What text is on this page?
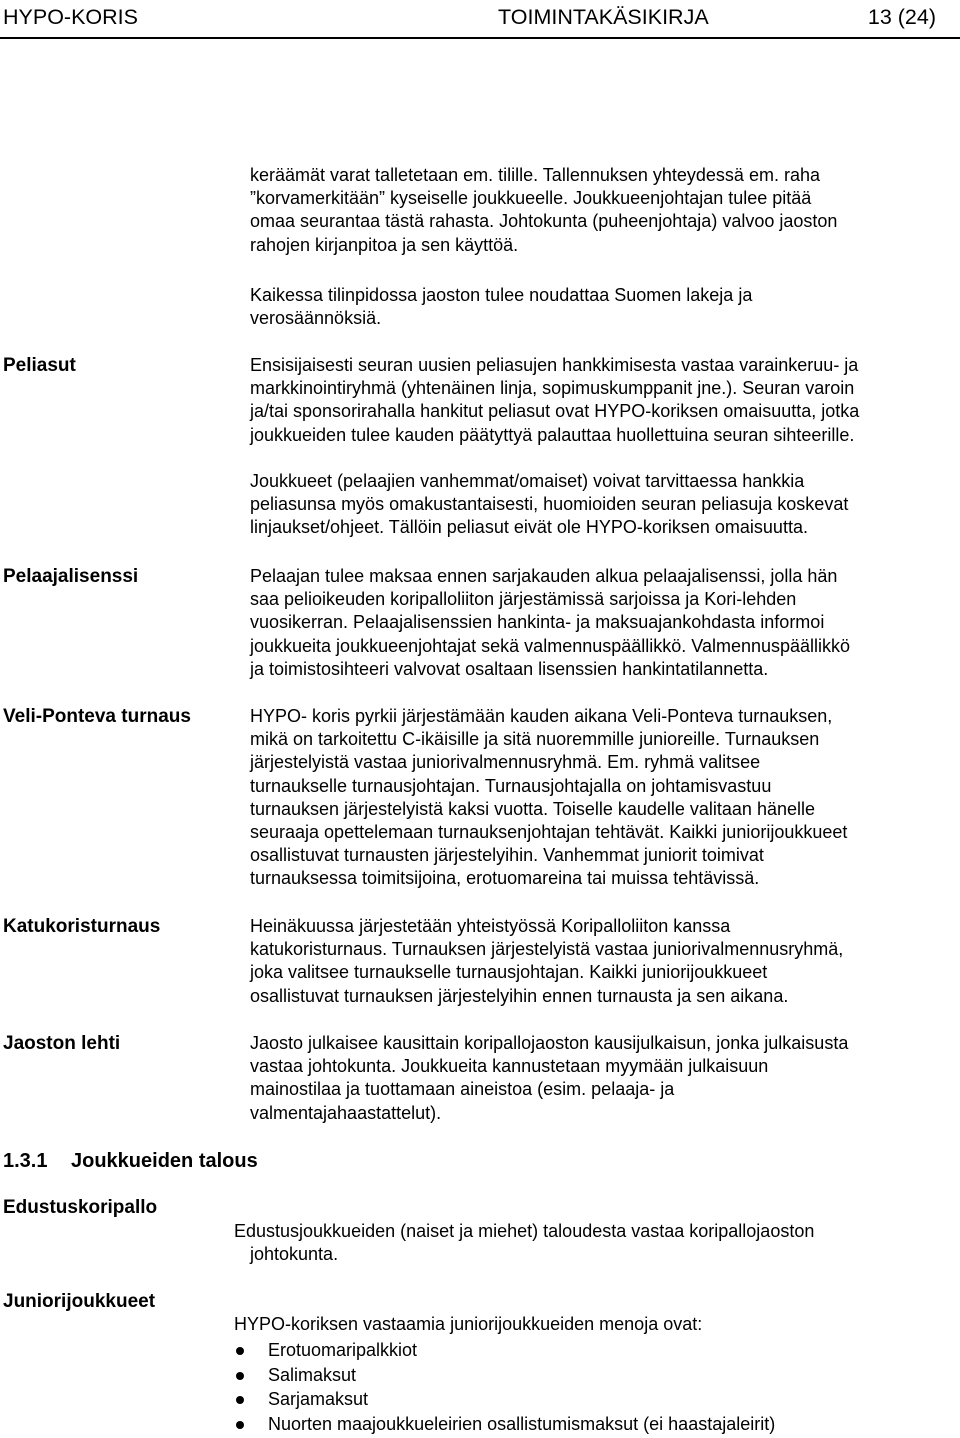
HYPO-KORIS	TOIMINTAKÄSIKIRJA	13 (24)
keräämät varat talletetaan em. tilille. Tallennuksen yhteydessä em. raha
”korvamerkitään” kyseiselle joukkueelle. Joukkueenjohtajan tulee pitää
omaa seurantaa tästä rahasta. Johtokunta (puheenjohtaja) valvoo jaoston
rahojen kirjanpitoa ja sen käyttöä.
Kaikessa tilinpidossa jaoston tulee noudattaa Suomen lakeja ja
verosäännöksiä.
Peliasut	Ensisijaisesti seuran uusien peliasujen hankkimisesta vastaa varainkeruu- ja
markkinointiryhmä (yhtenäinen linja, sopimuskumppanit jne.). Seuran varoin
ja/tai sponsorirahalla hankitut peliasut ovat HYPO-koriksen omaisuutta, jotka
joukkueiden tulee kauden päätyttyä palauttaa huollettuina seuran sihteerille.
Joukkueet (pelaajien vanhemmat/omaiset) voivat tarvittaessa hankkia
peliasunsa myös omakustantaisesti, huomioiden seuran peliasuja koskevat
linjaukset/ohjeet. Tällöin peliasut eivät ole HYPO-koriksen omaisuutta.
Pelaajalisenssi	Pelaajan tulee maksaa ennen sarjakauden alkua pelaajalisenssi, jolla hän
saa pelioikeuden koripalloliiton järjestämissä sarjoissa ja Kori-lehden
vuosikerran. Pelaajalisenssien hankinta- ja maksuajankohdasta informoi
joukkueita joukkueenjohtajat sekä valmennuspäällikkö. Valmennuspäällikkö
ja toimistosihteeri valvovat osaltaan lisenssien hankintatilannetta.
Veli-Ponteva turnaus	HYPO- koris pyrkii järjestämään kauden aikana Veli-Ponteva turnauksen,
mikä on tarkoitettu C-ikäisille ja sitä nuoremmille junioreille. Turnauksen
järjestelyistä vastaa juniorivalmennusryhmä. Em. ryhmä valitsee
turnaukselle turnausjohtajan. Turnausjohtajalla on johtamisvastuu
turnauksen järjestelyistä kaksi vuotta. Toiselle kaudelle valitaan hänelle
seuraaja opettelemaan turnauksenjohtajan tehtävät. Kaikki juniorijoukkueet
osallistuvat turnausten järjestelyihin. Vanhemmat juniorit toimivat
turnauksessa toimitsijoina, erotuomareina tai muissa tehtävissä.
Katukoristurnaus	Heinäkuussa järjestetään yhteistyössä Koripalloliiton kanssa
katukoristurnaus. Turnauksen järjestelyistä vastaa juniorivalmennusryhmä,
joka valitsee turnaukselle turnausjohtajan. Kaikki juniorijoukkueet
osallistuvat turnauksen järjestelyihin ennen turnausta ja sen aikana.
Jaoston lehti	Jaosto julkaisee kausittain koripallojaoston kausijulkaisun, jonka julkaisusta
vastaa johtokunta. Joukkueita kannustetaan myymään julkaisuun
mainostilaa ja tuottamaan aineistoa (esim. pelaaja- ja
valmentajahaastattelut).
1.3.1 Joukkueiden talous
Edustuskoripallo
Edustusjoukkueiden (naiset ja miehet) taloudesta vastaa koripallojaoston
johtokunta.
Juniorijoukkueet
HYPO-koriksen vastaamia juniorijoukkueiden menoja ovat:
Erotuomaripalkkiot
Salimaksut
Sarjamaksut
Nuorten maajoukkueleirien osallistumismaksut (ei haastajaleirit)
